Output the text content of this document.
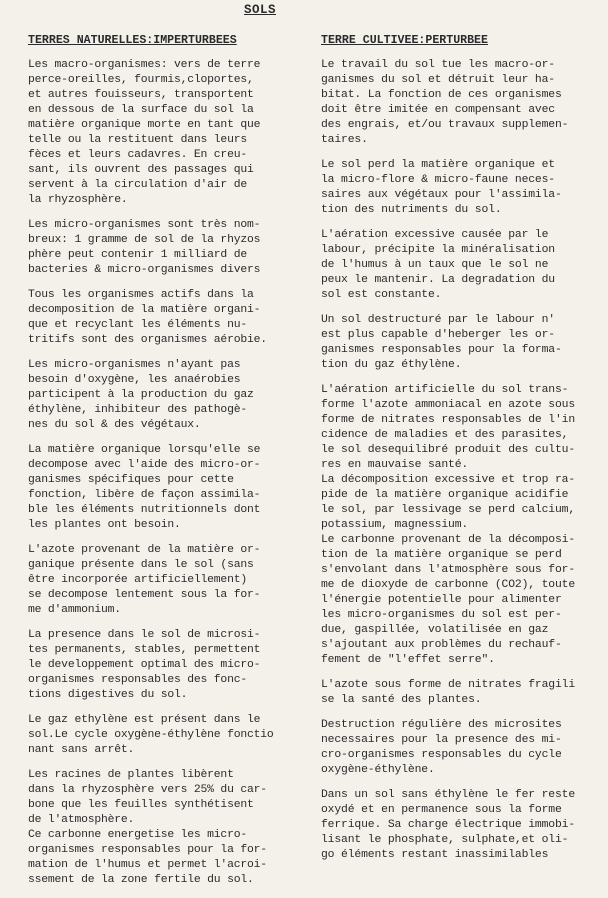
SOLS
TERRES NATURELLES:IMPERTURBEES
Les macro-organismes: vers de terre
perce-oreilles, fourmis,cloportes,
et autres fouisseurs, transportent
en dessous de la surface du sol la
matière organique morte en tant que
telle ou la restituent dans leurs
fèces et leurs cadavres. En creu-
sant, ils ouvrent des passages qui
servent à la circulation d'air de
la rhyzosphère.
Les micro-organismes sont très nom-
breux: 1 gramme de sol de la rhyzos
phère peut contenir 1 milliard de
bacteries & micro-organismes divers
Tous les organismes actifs dans la
decomposition de la matière organi-
que et recyclant les éléments nu-
tritifs sont des organismes aérobie.
Les micro-organismes n'ayant pas
besoin d'oxygène, les anaérobies
participent à la production du gaz
éthylène, inhibiteur des pathogè-
nes du sol & des végétaux.
La matière organique lorsqu'elle se
decompose avec l'aide des micro-or-
ganismes spécifiques pour cette
fonction, libère de façon assimila-
ble les éléments nutritionnels dont
les plantes ont besoin.
L'azote provenant de la matière or-
ganique présente dans le sol (sans
être incorporée artificiellement)
se decompose lentement sous la for-
me d'ammonium.
La presence dans le sol de microsi-
tes permanents, stables, permettent
le developpement optimal des micro-
organismes responsables des fonc-
tions digestives du sol.
Le gaz ethylène est présent dans le
sol.Le cycle oxygène-éthylène fonctio
nant sans arrêt.
Les racines de plantes libèrent
dans la rhyzosphère vers 25% du car-
bone que les feuilles synthétisent
de l'atmosphère.
Ce carbonne energetise les micro-
organismes responsables pour la for-
mation de l'humus et permet l'acroi-
ssement de la zone fertile du sol.
TERRE CULTIVEE:PERTURBEE
Le travail du sol tue les macro-or-
ganismes du sol et détruit leur ha-
bitat. La fonction de ces organismes
doit être imitée en compensant avec
des engrais, et/ou travaux supplemen-
taires.
Le sol perd la matière organique et
la micro-flore & micro-faune neces-
saires aux végétaux pour l'assimila-
tion des nutriments du sol.
L'aération excessive causée par le
labour, précipite la minéralisation
de l'humus à un taux que le sol ne
peux le mantenir. La degradation du
sol est constante.
Un sol destructuré par le labour n'
est plus capable d'heberger les or-
ganismes responsables pour la forma-
tion du gaz éthylène.
L'aération artificielle du sol trans-
forme l'azote ammoniacal en azote sous
forme de nitrates responsables de l'in
cidence de maladies et des parasites,
le sol desequilibré produit des cultu-
res en mauvaise santé.
La décomposition excessive et trop ra-
pide de la matière organique acidifie
le sol, par lessivage se perd calcium,
potassium, magnessium.
Le carbonne provenant de la décomposi-
tion de la matière organique se perd
s'envolant dans l'atmosphère sous for-
me de dioxyde de carbonne (CO2), toute
l'énergie potentielle pour alimenter
les micro-organismes du sol est per-
due, gaspillée, volatilisée en gaz
s'ajoutant aux problèmes du rechauf-
fement de "l'effet serre".
L'azote sous forme de nitrates fragili
se la santé des plantes.
Destruction régulière des microsites
necessaires pour la presence des mi-
cro-organismes responsables du cycle
oxygène-éthylène.
Dans un sol sans éthylène le fer reste
oxydé et en permanence sous la forme
ferrique. Sa charge électrique immobi-
lisant le phosphate, sulphate,et oli-
go éléments restant inassimilables
